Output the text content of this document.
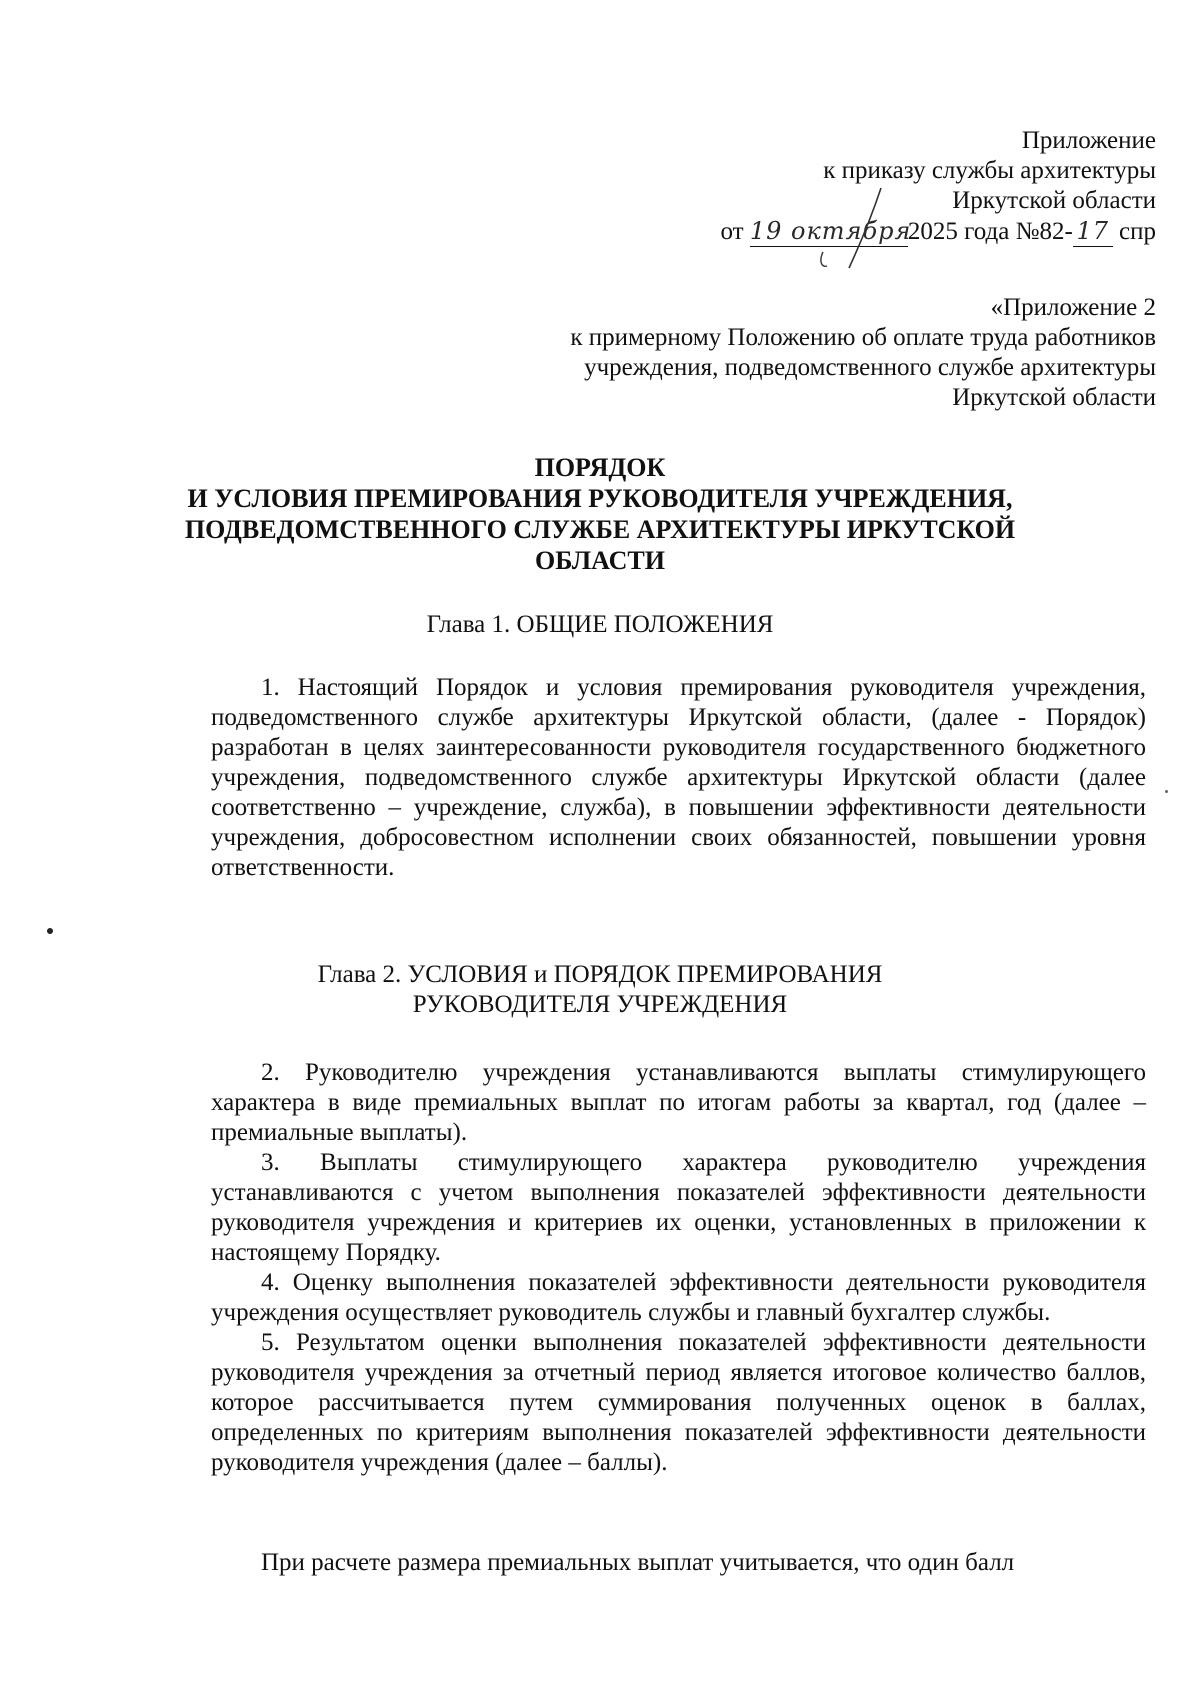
Приложение
к приказу службы архитектуры
Иркутской области
от 19 октября2025 года №82- 17 спр
«Приложение 2
к примерному Положению об оплате труда работников
учреждения, подведомственного службе архитектуры
Иркутской области
ПОРЯДОК
И УСЛОВИЯ ПРЕМИРОВАНИЯ РУКОВОДИТЕЛЯ УЧРЕЖДЕНИЯ,
ПОДВЕДОМСТВЕННОГО СЛУЖБЕ АРХИТЕКТУРЫ ИРКУТСКОЙ
ОБЛАСТИ
Глава 1. ОБЩИЕ ПОЛОЖЕНИЯ

1. Настоящий Порядок и условия премирования руководителя учреждения, подведомственного службе архитектуры Иркутской области, (далее - Порядок) разработан в целях заинтересованности руководителя государственного бюджетного учреждения, подведомственного службе архитектуры Иркутской области (далее соответственно – учреждение, служба), в повышении эффективности деятельности учреждения, добросовестном исполнении своих обязанностей, повышении уровня ответственности.

Глава 2. УСЛОВИЯ и ПОРЯДОК ПРЕМИРОВАНИЯ
РУКОВОДИТЕЛЯ УЧРЕЖДЕНИЯ

2. Руководителю учреждения устанавливаются выплаты стимулирующего характера в виде премиальных выплат по итогам работы за квартал, год (далее – премиальные выплаты).

3. Выплаты стимулирующего характера руководителю учреждения устанавливаются с учетом выполнения показателей эффективности деятельности руководителя учреждения и критериев их оценки, установленных в приложении к настоящему Порядку.

4. Оценку выполнения показателей эффективности деятельности руководителя учреждения осуществляет руководитель службы и главный бухгалтер службы.

5. Результатом оценки выполнения показателей эффективности деятельности руководителя учреждения за отчетный период является итоговое количество баллов, которое рассчитывается путем суммирования полученных оценок в баллах, определенных по критериям выполнения показателей эффективности деятельности руководителя учреждения (далее – баллы).

При расчете размера премиальных выплат учитывается, что один балл
